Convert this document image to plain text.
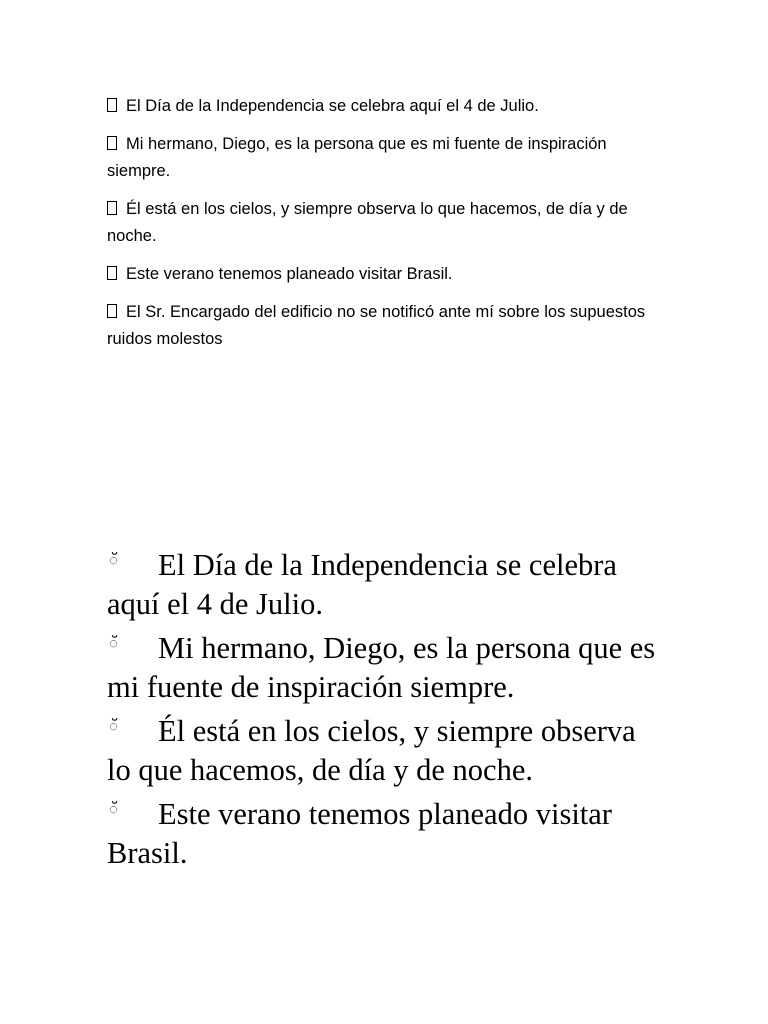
El Día de la Independencia se celebra aquí el 4 de Julio.
Mi hermano, Diego, es la persona que es mi fuente de inspiración siempre.
Él está en los cielos, y siempre observa lo que hacemos, de día y de noche.
Este verano tenemos planeado visitar Brasil.
El Sr. Encargado del edificio no se notificó ante mí sobre los supuestos ruidos molestos
ॅ El Día de la Independencia se celebra aquí el 4 de Julio.
ॅ Mi hermano, Diego, es la persona que es mi fuente de inspiración siempre.
ॅ Él está en los cielos, y siempre observa lo que hacemos, de día y de noche.
ॅ Este verano tenemos planeado visitar Brasil.
